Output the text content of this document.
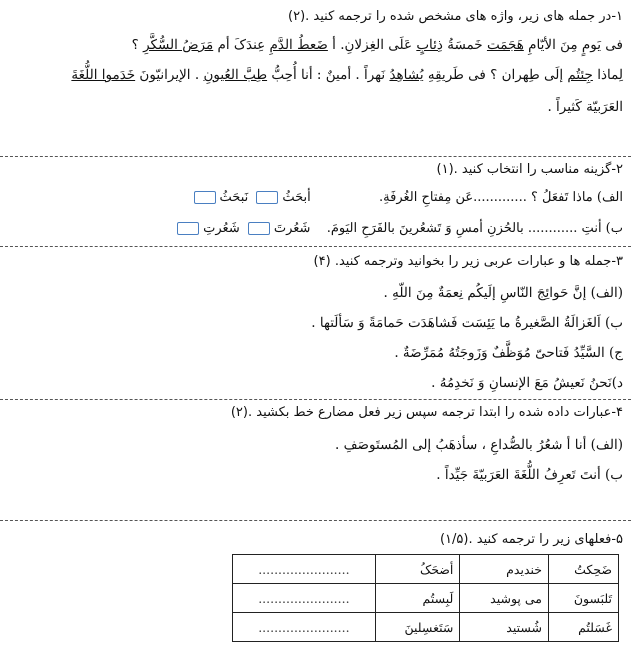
۱-در جمله های زیر، واژه های مشخص شده را ترجمه کنید .(۲)
فی یَومٍ مِنَ الأیّامِ هَجَمَت خَمسَةُ ذِئابٍ عَلَی الغِزلانِ. أ ضَعطُ الدَّمِ عِندَکَ أم مَرَضُ السُّکَّرِ ؟
لِماذا جِئتُم إلَی طِهران ؟ فی طَریقِهِ یُشاهِدُ نَهراً . أمینٌ : أنا أُحِبُّ طِبَّ العُیونِ . الإیرانیّونَ خَدَموا اللُّغَةَ
العَرَبیّة کَثیراً .
۲-گزینه مناسب را انتخاب کنید .(۱)
الف) ماذا تَفعَلُ ؟ .............عَن مِفتاحِ الغُرفَةِ.  أبحَثُ نَبحَثُ
ب) أنتِ ............ بالحُزنِ أمسِ وَ تَشعُرینَ بالفَرَحِ الیَومَ.  شَعُرتَ شَعُرتِ
۳-جمله ها و عبارات عربی زیر را بخوانید وترجمه کنید. (۴)
(الف) إنَّ حَوائِجَ النّاسِ إلَیکُم نِعمَةٌ مِنَ اللّهِ .
ب) اَلغَزالَةُ الصَّغیرةُ ما یَئِسَت فَشاهَدَت حَمامَةً وَ سَألَتها .
ج) السَّیِّدُ فَتاحیّ مُوَظَّفٌ وَزَوجَتُهُ مُمَرِّضَةٌ .
د)نَحنُ نَعیشُ مَعَ الإنسانِ وَ نَخدِمُهُ .
۴-عبارات داده شده را ابتدا ترجمه سپس زیر فعل مضارع خط بکشید .(۲)
(الف) أنا أ شعُرُ بالصُّداعِ ، سأذهَبُ إلی المُستَوصَفِ .
ب) أنتَ تَعرِفُ اللُّغَةَ العَرَبیّةَ جَیِّداً .
۵-فعلهای زیر را ترجمه کنید .(۱/۵)
ضَحِکتُ	خندیدم	أضحَکُ	.......................
تَلبَسونَ	می پوشید	لَبِستُم	.......................
غَسَلتُم	شُستید	سَتَغسِلینَ	.......................
